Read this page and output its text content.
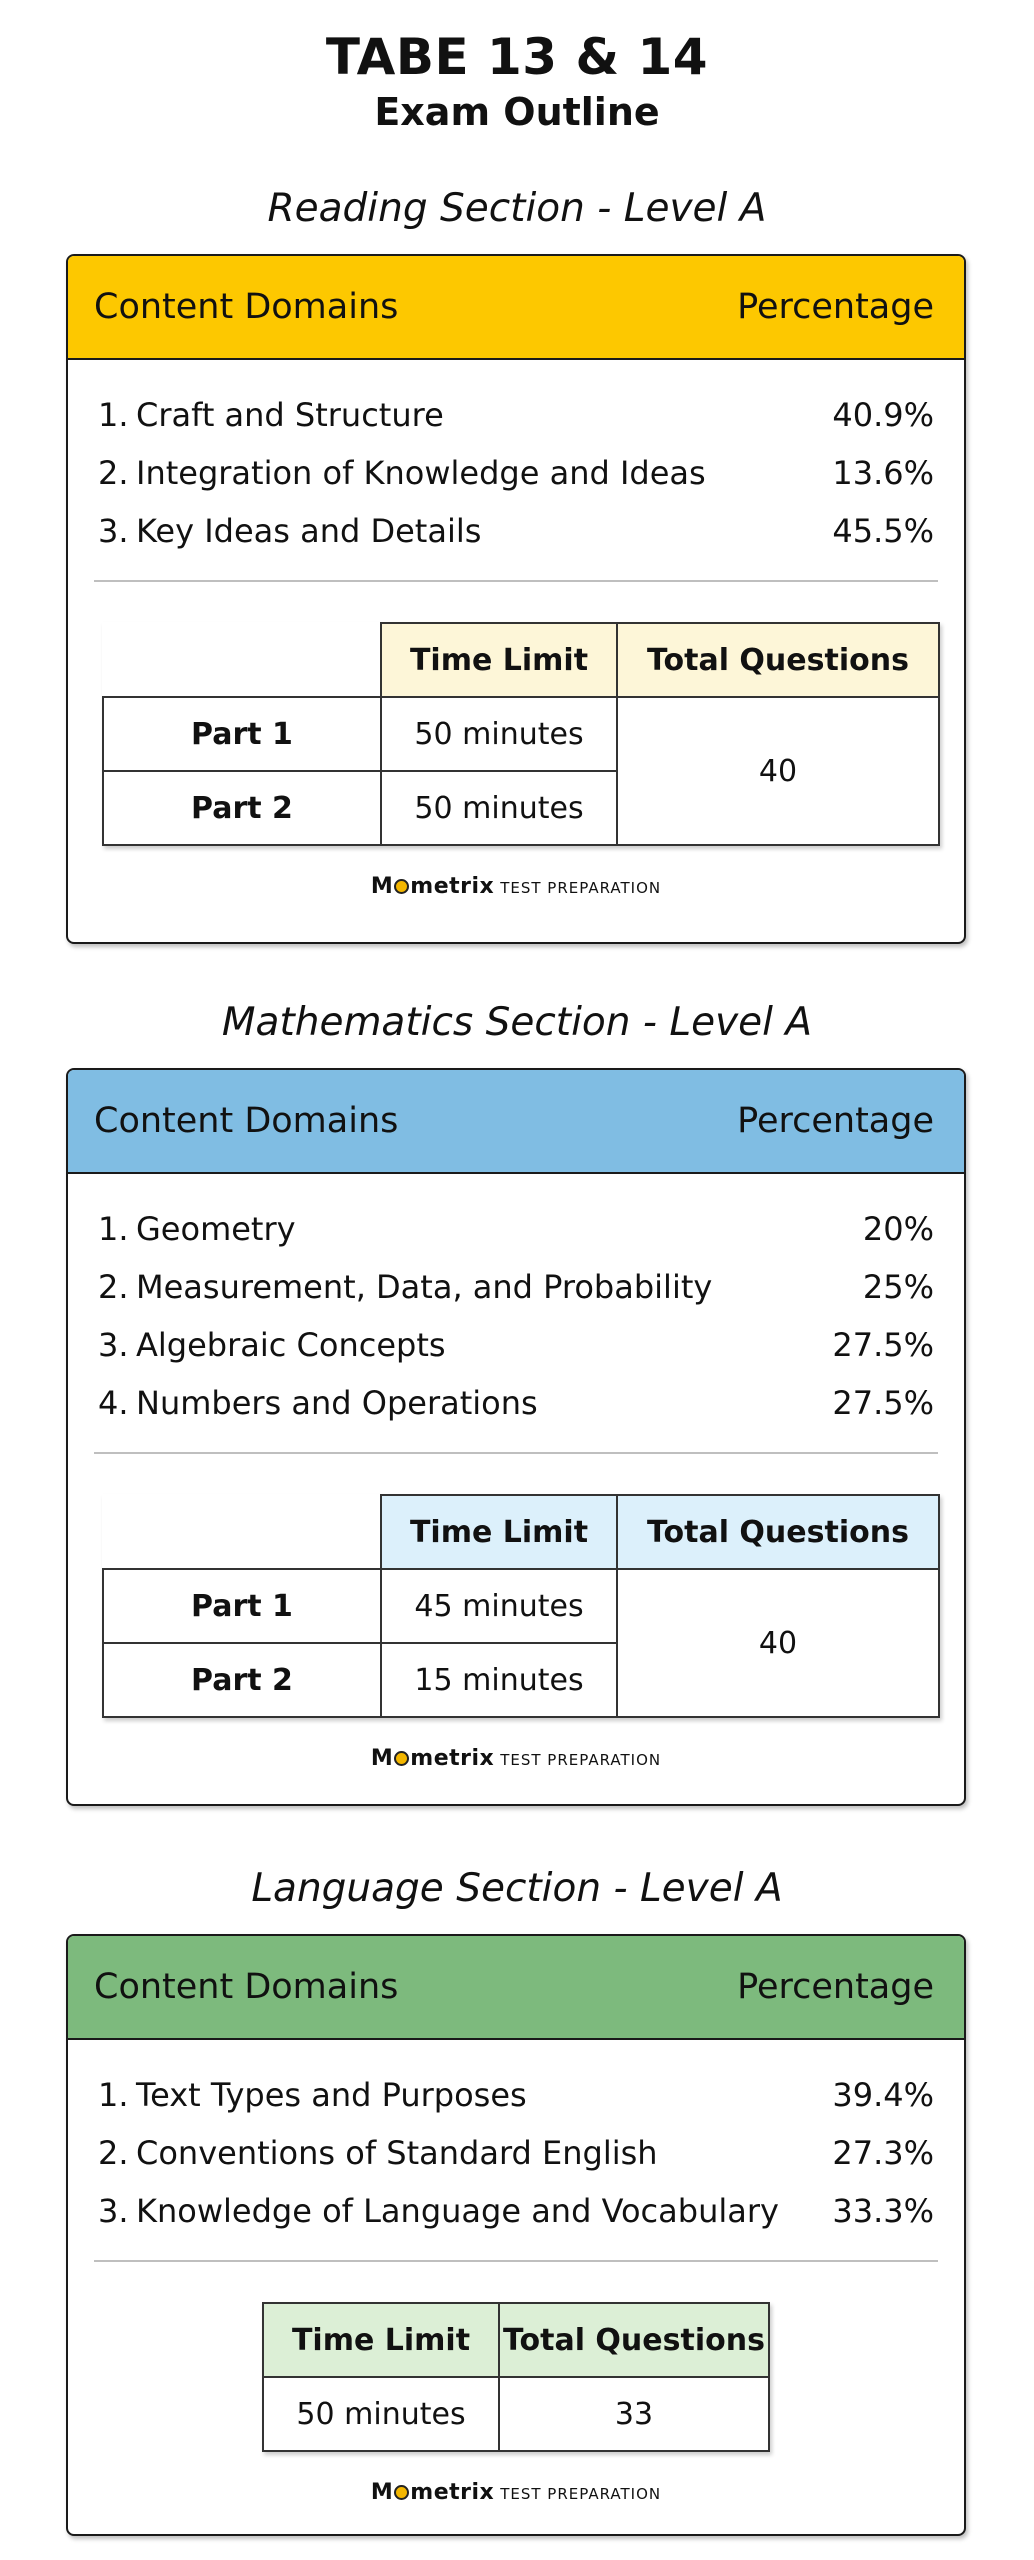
TABE 13 & 14
Exam Outline
Reading Section - Level A
Content Domains	Percentage
1. Craft and Structure	40.9%
2. Integration of Knowledge and Ideas	13.6%
3. Key Ideas and Details	45.5%
	Time Limit	Total Questions
Part 1	50 minutes	40
Part 2	50 minutes	
M metrix TEST PREPARATION
Mathematics Section - Level A
Content Domains	Percentage
1. Geometry	20%
2. Measurement, Data, and Probability	25%
3. Algebraic Concepts	27.5%
4. Numbers and Operations	27.5%
	Time Limit	Total Questions
Part 1	45 minutes	40
Part 2	15 minutes	
M metrix TEST PREPARATION
Language Section - Level A
Content Domains	Percentage
1. Text Types and Purposes	39.4%
2. Conventions of Standard English	27.3%
3. Knowledge of Language and Vocabulary 33.3%
Time Limit	Total Questions
50 minutes	33
M metrix TEST PREPARATION
